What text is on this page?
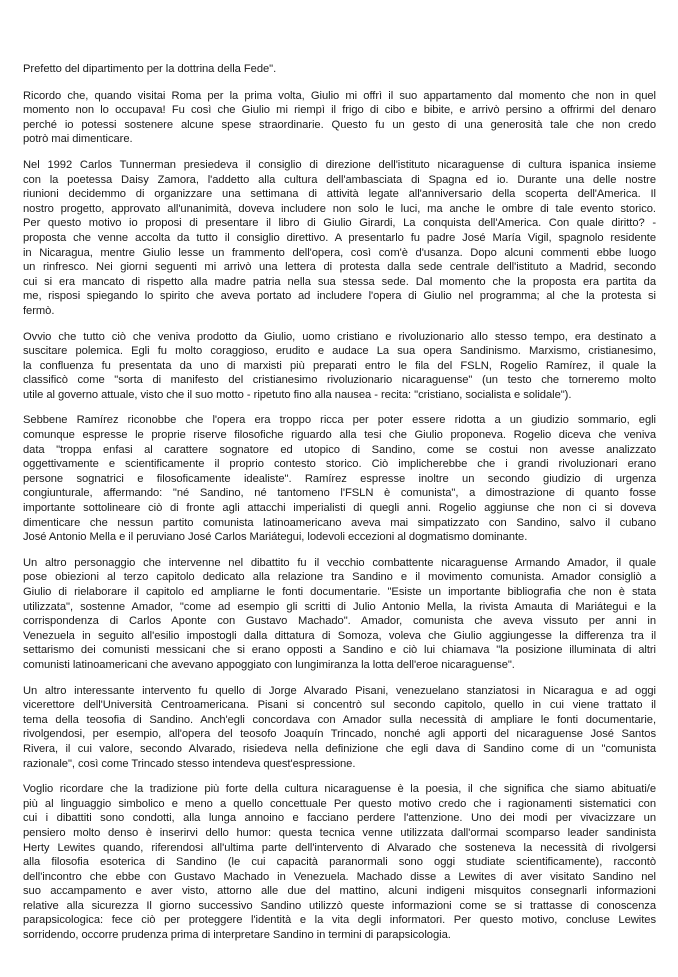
Prefetto del dipartimento per la dottrina della Fede".

Ricordo che, quando visitai Roma per la prima volta, Giulio mi offrì il suo appartamento dal momento che non in quel
momento non lo occupava! Fu così che Giulio mi riempì il frigo di cibo e bibite, e arrivò persino a offrirmi del denaro
perché io potessi sostenere alcune spese straordinarie. Questo fu un gesto di una generosità tale che non credo
potrò mai dimenticare.

Nel 1992 Carlos Tunnerman presiedeva il consiglio di direzione dell'istituto nicaraguense di cultura ispanica insieme
con la poetessa Daisy Zamora, l'addetto alla cultura dell'ambasciata di Spagna ed io. Durante una delle nostre
riunioni decidemmo di organizzare una settimana di attività legate all'anniversario della scoperta dell'America. Il
nostro progetto, approvato all'unanimità, doveva includere non solo le luci, ma anche le ombre di tale evento storico.
Per questo motivo io proposi di presentare il libro di Giulio Girardi, La conquista dell'America. Con quale diritto? -
proposta che venne accolta da tutto il consiglio direttivo. A presentarlo fu padre José María Vigil, spagnolo residente
in Nicaragua, mentre Giulio lesse un frammento dell'opera, così com'è d'usanza. Dopo alcuni commenti ebbe luogo
un rinfresco. Nei giorni seguenti mi arrivò una lettera di protesta dalla sede centrale dell'istituto a Madrid, secondo
cui si era mancato di rispetto alla madre patria nella sua stessa sede. Dal momento che la proposta era partita da
me, risposi spiegando lo spirito che aveva portato ad includere l'opera di Giulio nel programma; al che la protesta si
fermò.

Ovvio che tutto ciò che veniva prodotto da Giulio, uomo cristiano e rivoluzionario allo stesso tempo, era destinato a
suscitare polemica. Egli fu molto coraggioso, erudito e audace La sua opera Sandinismo. Marxismo, cristianesimo,
la confluenza fu presentata da uno di marxisti più preparati entro le fila del FSLN, Rogelio Ramírez, il quale la
classificò come "sorta di manifesto del cristianesimo rivoluzionario nicaraguense" (un testo che torneremo molto
utile al governo attuale, visto che il suo motto - ripetuto fino alla nausea - recita: "cristiano, socialista e solidale").

Sebbene Ramírez riconobbe che l'opera era troppo ricca per poter essere ridotta a un giudizio sommario, egli
comunque espresse le proprie riserve filosofiche riguardo alla tesi che Giulio proponeva. Rogelio diceva che veniva
data "troppa enfasi al carattere sognatore ed utopico di Sandino, come se costui non avesse analizzato
oggettivamente e scientificamente il proprio contesto storico. Ciò implicherebbe che i grandi rivoluzionari erano
persone sognatrici e filosoficamente idealiste". Ramírez espresse inoltre un secondo giudizio di urgenza
congiunturale, affermando: "né Sandino, né tantomeno l'FSLN è comunista", a dimostrazione di quanto fosse
importante sottolineare ciò di fronte agli attacchi imperialisti di quegli anni. Rogelio aggiunse che non ci si doveva
dimenticare che nessun partito comunista latinoamericano aveva mai simpatizzato con Sandino, salvo il cubano
José Antonio Mella e il peruviano José Carlos Mariátegui, lodevoli eccezioni al dogmatismo dominante.

Un altro personaggio che intervenne nel dibattito fu il vecchio combattente nicaraguense Armando Amador, il quale
pose obiezioni al terzo capitolo dedicato alla relazione tra Sandino e il movimento comunista. Amador consigliò a
Giulio di rielaborare il capitolo ed ampliarne le fonti documentarie. "Esiste un importante bibliografia che non è stata
utilizzata", sostenne Amador, "come ad esempio gli scritti di Julio Antonio Mella, la rivista Amauta di Mariátegui e la
corrispondenza di Carlos Aponte con Gustavo Machado". Amador, comunista che aveva vissuto per anni in
Venezuela in seguito all'esilio impostogli dalla dittatura di Somoza, voleva che Giulio aggiungesse la differenza tra il
settarismo dei comunisti messicani che si erano opposti a Sandino e ciò lui chiamava "la posizione illuminata di altri
comunisti latinoamericani che avevano appoggiato con lungimiranza la lotta dell'eroe nicaraguense".

Un altro interessante intervento fu quello di Jorge Alvarado Pisani, venezuelano stanziatosi in Nicaragua e ad oggi
vicerettore dell'Università Centroamericana. Pisani si concentrò sul secondo capitolo, quello in cui viene trattato il
tema della teosofia di Sandino. Anch'egli concordava con Amador sulla necessità di ampliare le fonti documentarie,
rivolgendosi, per esempio, all'opera del teosofo Joaquín Trincado, nonché agli apporti del nicaraguense José Santos
Rivera, il cui valore, secondo Alvarado, risiedeva nella definizione che egli dava di Sandino come di un "comunista
razionale", così come Trincado stesso intendeva quest'espressione.

Voglio ricordare che la tradizione più forte della cultura nicaraguense è la poesia, il che significa che siamo abituati/e
più al linguaggio simbolico e meno a quello concettuale Per questo motivo credo che i ragionamenti sistematici con
cui i dibattiti sono condotti, alla lunga annoino e facciano perdere l'attenzione. Uno dei modi per vivacizzare un
pensiero molto denso è inserirvi dello humor: questa tecnica venne utilizzata dall'ormai scomparso leader sandinista
Herty Lewites quando, riferendosi all'ultima parte dell'intervento di Alvarado che sosteneva la necessità di rivolgersi
alla filosofia esoterica di Sandino (le cui capacità paranormali sono oggi studiate scientificamente), raccontò
dell'incontro che ebbe con Gustavo Machado in Venezuela. Machado disse a Lewites di aver visitato Sandino nel
suo accampamento e aver visto, attorno alle due del mattino, alcuni indigeni misquitos consegnarli informazioni
relative alla sicurezza Il giorno successivo Sandino utilizzò queste informazioni come se si trattasse di conoscenza
parapsicologica: fece ciò per proteggere l'identità e la vita degli informatori. Per questo motivo, concluse Lewites
sorridendo, occorre prudenza prima di interpretare Sandino in termini di parapsicologia.
